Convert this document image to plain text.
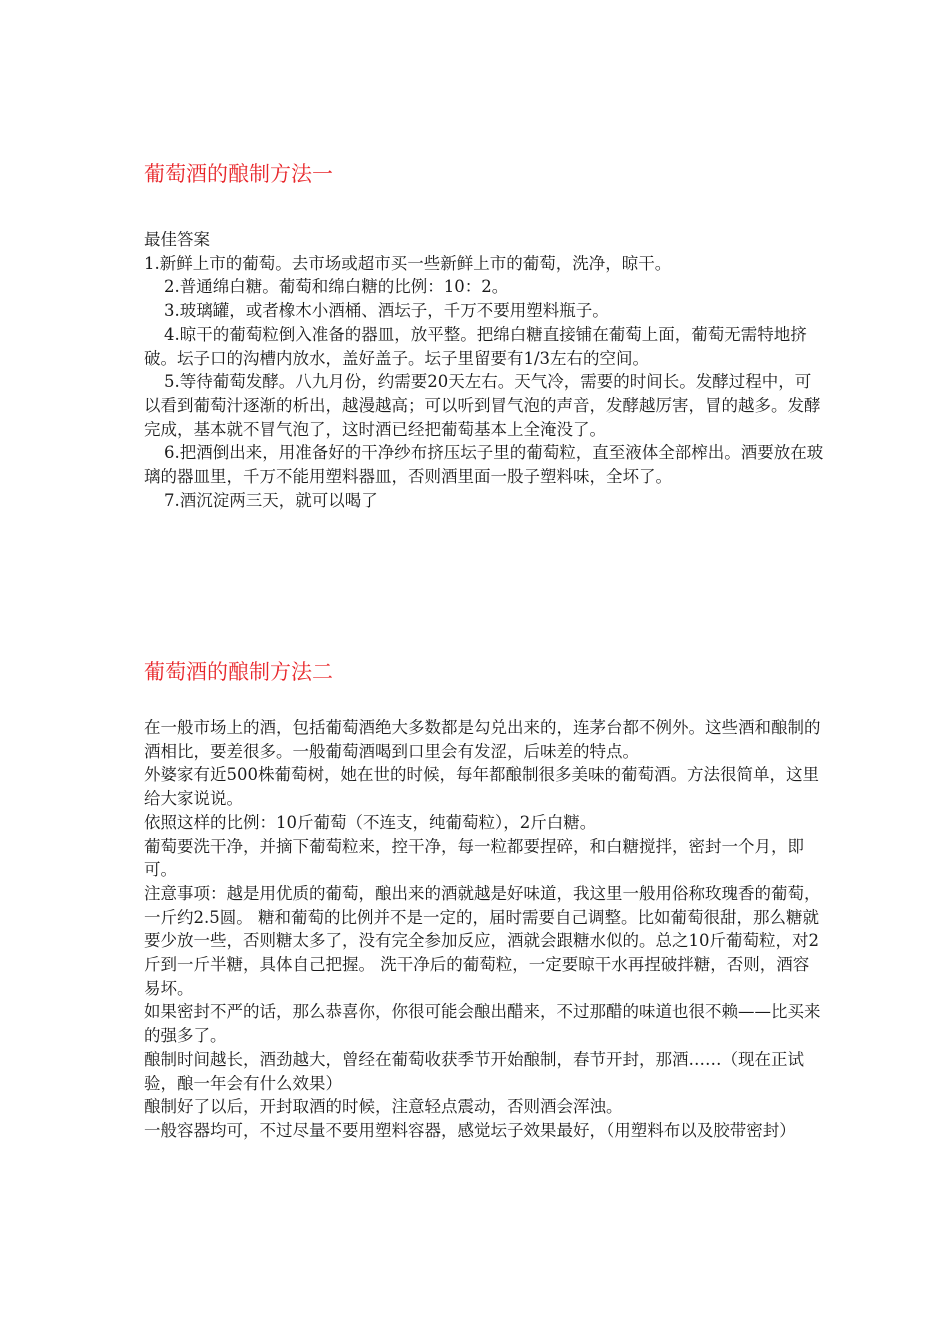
葡萄酒的酿制方法一

最佳答案

1.新鲜上市的葡萄。去市场或超市买一些新鲜上市的葡萄，洗净，晾干。

2.普通绵白糖。葡萄和绵白糖的比例：10：2。

3.玻璃罐，或者橡木小酒桶、酒坛子，千万不要用塑料瓶子。

4.晾干的葡萄粒倒入准备的器皿，放平整。把绵白糖直接铺在葡萄上面，葡萄无需特地挤破。坛子口的沟槽内放水，盖好盖子。坛子里留要有1/3左右的空间。

5.等待葡萄发酵。八九月份，约需要20天左右。天气冷，需要的时间长。发酵过程中，可以看到葡萄汁逐渐的析出，越漫越高；可以听到冒气泡的声音，发酵越厉害，冒的越多。发酵完成，基本就不冒气泡了，这时酒已经把葡萄基本上全淹没了。

6.把酒倒出来，用准备好的干净纱布挤压坛子里的葡萄粒，直至液体全部榨出。酒要放在玻璃的器皿里，千万不能用塑料器皿，否则酒里面一股子塑料味，全坏了。

7.酒沉淀两三天，就可以喝了

葡萄酒的酿制方法二

在一般市场上的酒，包括葡萄酒绝大多数都是勾兑出来的，连茅台都不例外。这些酒和酿制的酒相比，要差很多。一般葡萄酒喝到口里会有发涩，后味差的特点。

外婆家有近500株葡萄树，她在世的时候，每年都酿制很多美味的葡萄酒。方法很简单，这里给大家说说。

依照这样的比例：10斤葡萄（不连支，纯葡萄粒），2斤白糖。

葡萄要洗干净，并摘下葡萄粒来，控干净，每一粒都要捏碎，和白糖搅拌，密封一个月，即可。

注意事项：越是用优质的葡萄，酿出来的酒就越是好味道，我这里一般用俗称玫瑰香的葡萄，一斤约2.5圆。 糖和葡萄的比例并不是一定的，届时需要自己调整。比如葡萄很甜，那么糖就要少放一些，否则糖太多了，没有完全参加反应，酒就会跟糖水似的。总之10斤葡萄粒，对2斤到一斤半糖，具体自己把握。 洗干净后的葡萄粒，一定要晾干水再捏破拌糖，否则，酒容易坏。

如果密封不严的话，那么恭喜你，你很可能会酿出醋来，不过那醋的味道也很不赖——比买来的强多了。

酿制时间越长，酒劲越大，曾经在葡萄收获季节开始酿制，春节开封，那酒……（现在正试验，酿一年会有什么效果）

酿制好了以后，开封取酒的时候，注意轻点震动，否则酒会浑浊。

一般容器均可，不过尽量不要用塑料容器，感觉坛子效果最好，（用塑料布以及胶带密封）
